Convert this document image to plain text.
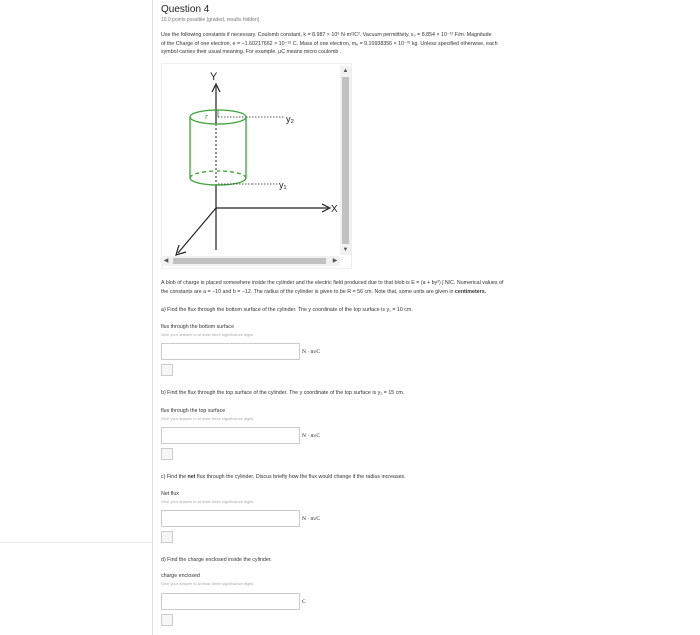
Question 4
10.0 points possible (graded, results hidden)
Use the following constants if necessary. Coulomb constant, k = 8.987 × 10⁹ N·m²/C². Vacuum permittivity, ε₀ = 8.854 × 10⁻¹² F/m. Magnitude
of the Charge of one electron, e = −1.60217662 × 10⁻¹⁹ C. Mass of one electron, mₑ = 9.10938356 × 10⁻³¹ kg. Unless specified otherwise, each
symbol carries their usual meaning. For example, μC means micro coulomb .
Y
X
r	y₂
y₁
▲
▼
◀	▶
A blob of charge is placed somewhere inside the cylinder and the electric field produced due to that blob is E = (a + by²) ĵ N/C. Numerical values of
the constants are a = −10 and b = −12. The radius of the cylinder is given to be R = 56 cm. Note that, some units are given in centimeters.
a) Find the flux through the bottom surface of the cylinder. The y coordinate of the top surface is y₁ = 10 cm.
flux through the bottom surface
Give your answer to at least three significance digits
N · m/C
b) Find the flux through the top surface of the cylinder. The y coordinate of the top surface is y₂ = 15 cm.
flux through the top surface
Give your answer to at least three significance digits
N · m/C
c) Find the net flux through the cylinder. Discus briefly how the flux would change if the radius increases.
Net flux
Give your answer to at least three significance digits
N · m/C
d) Find the charge enclosed inside the cylinder.
charge enclosed
Give your answer to at least three significance digits
C
